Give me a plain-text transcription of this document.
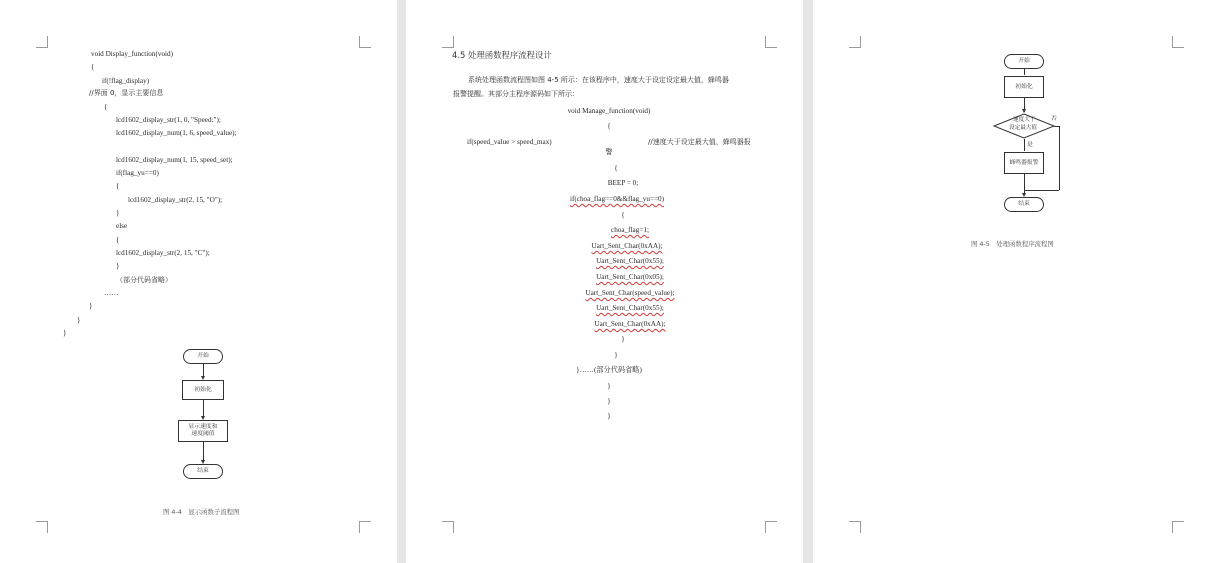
void Display_function(void)
{
if(!flag_display)
//界面 0，显示主要信息
{
lcd1602_display_str(1, 0, "Speed:");
lcd1602_display_num(1, 6, speed_value);
lcd1602_display_num(1, 15, speed_set);
if(flag_yu==0)
{
lcd1602_display_str(2, 15, "O");
}
else
{
lcd1602_display_str(2, 15, "C");
}
（部分代码省略）
……
}
}
}
开始
初始化
显示速度和
速度阈值
结束
图 4-4　显示函数子流程图
4.5 处理函数程序流程设计
系统处理函数流程图如图 4-5 所示：在该程序中，速度大于设定设定最大值，蜂鸣器
报警提醒。其部分主程序源码如下所示：
void Manage_function(void)
{
if(speed_value > speed_max)	//速度大于设定最大值，蜂鸣器报
警
{
BEEP = 0;
if(choa_flag==0&&flag_yu==0)
{
choa_flag=1;
Uart_Sent_Char(0xAA);
Uart_Sent_Char(0x55);
Uart_Sent_Char(0x05);
Uart_Sent_Char(speed_value);
Uart_Sent_Char(0x55);
Uart_Sent_Char(0xAA);
}
}
}……(部分代码省略)
}
}
}
开始
初始化
速度大于
设定最大值
否
是
蜂鸣器报警
结束
图 4-5　处理函数程序流程图
